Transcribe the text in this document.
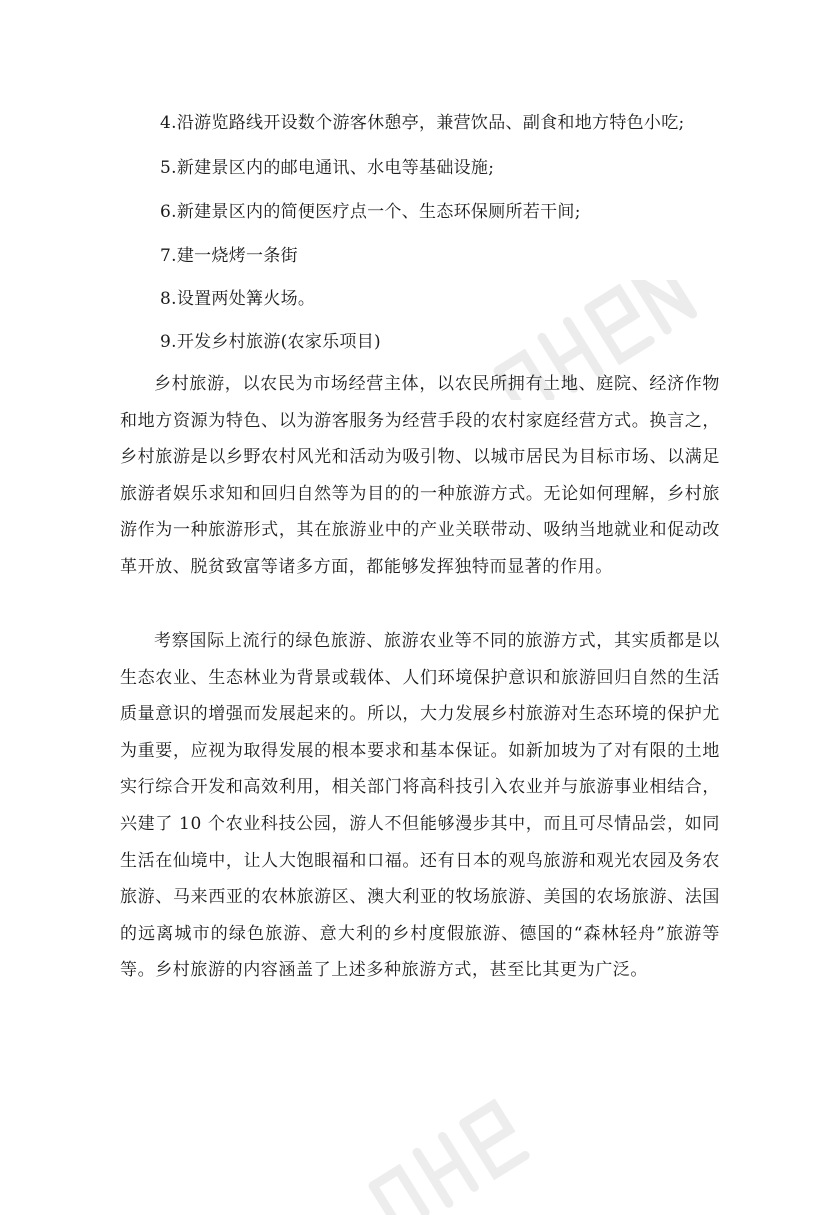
4.沿游览路线开设数个游客休憩亭，兼营饮品、副食和地方特色小吃;
5.新建景区内的邮电通讯、水电等基础设施;
6.新建景区内的简便医疗点一个、生态环保厕所若干间;
7.建一烧烤一条街
8.设置两处篝火场。
9.开发乡村旅游(农家乐项目)

乡村旅游，以农民为市场经营主体，以农民所拥有土地、庭院、经济作物和地方资源为特色、以为游客服务为经营手段的农村家庭经营方式。换言之，乡村旅游是以乡野农村风光和活动为吸引物、以城市居民为目标市场、以满足旅游者娱乐求知和回归自然等为目的的一种旅游方式。无论如何理解，乡村旅游作为一种旅游形式，其在旅游业中的产业关联带动、吸纳当地就业和促动改革开放、脱贫致富等诸多方面，都能够发挥独特而显著的作用。

考察国际上流行的绿色旅游、旅游农业等不同的旅游方式，其实质都是以生态农业、生态林业为背景或载体、人们环境保护意识和旅游回归自然的生活质量意识的增强而发展起来的。所以，大力发展乡村旅游对生态环境的保护尤为重要，应视为取得发展的根本要求和基本保证。如新加坡为了对有限的土地实行综合开发和高效利用，相关部门将高科技引入农业并与旅游事业相结合，兴建了 10 个农业科技公园，游人不但能够漫步其中，而且可尽情品尝，如同生活在仙境中，让人大饱眼福和口福。还有日本的观鸟旅游和观光农园及务农旅游、马来西亚的农林旅游区、澳大利亚的牧场旅游、美国的农场旅游、法国的远离城市的绿色旅游、意大利的乡村度假旅游、德国的“森林轻舟”旅游等等。乡村旅游的内容涵盖了上述多种旅游方式，甚至比其更为广泛。
